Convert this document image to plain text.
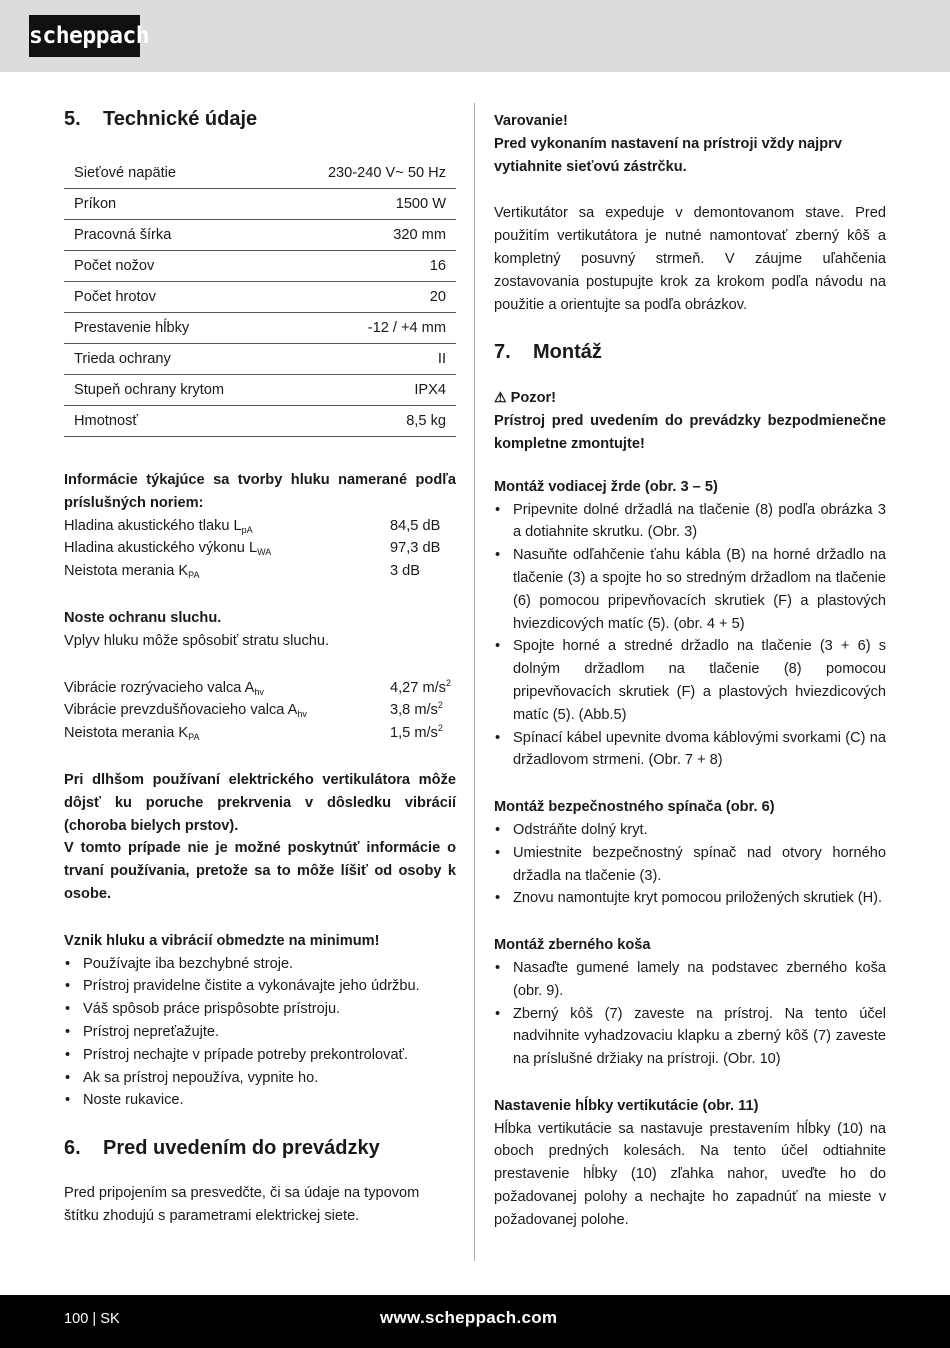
scheppach
5. Technické údaje
Sieťové napätie	230-240 V~ 50 Hz
Príkon	1500 W
Pracovná šírka	320 mm
Počet nožov	16
Počet hrotov	20
Prestavenie hĺbky	-12 / +4 mm
Trieda ochrany	II
Stupeň ochrany krytom	IPX4
Hmotnosť	8,5 kg

Informácie týkajúce sa tvorby hluku namerané podľa príslušných noriem:

Hladina akustického tlaku $L_{pA}$	84,5 dB
Hladina akustického výkonu $L_{WA}$	97,3 dB
Neistota merania $K_{PA}$	3 dB

Noste ochranu sluchu.

Vplyv hluku môže spôsobiť stratu sluchu.

Vibrácie rozrývacieho valca $A_{hv}$	4,27 $m/s^2$
Vibrácie prevzdušňovacieho valca $A_{hv}$	3,8 $m/s^2$
Neistota merania $K_{PA}$	1,5 $m/s^2$

Pri dlhšom používaní elektrického vertikulátora môže dôjsť ku poruche prekrvenia v dôsledku vibrácií (choroba bielych prstov).

V tomto prípade nie je možné poskytnúť informácie o trvaní používania, pretože sa to môže líšiť od osoby k osobe.

Vznik hluku a vibrácií obmedzte na minimum!

• Používajte iba bezchybné stroje.
• Prístroj pravidelne čistite a vykonávajte jeho údržbu.
• Váš spôsob práce prispôsobte prístroju.
• Prístroj nepreťažujte.
• Prístroj nechajte v prípade potreby prekontrolovať.
• Ak sa prístroj nepoužíva, vypnite ho.
• Noste rukavice.
6. Pred uvedením do prevádzky

Pred pripojením sa presvedčte, či sa údaje na typovom štítku zhodujú s parametrami elektrickej siete.

Varovanie!

Pred vykonaním nastavení na prístroji vždy najprv vytiahnite sieťovú zástrčku.

Vertikutátor sa expeduje v demontovanom stave. Pred použitím vertikutátora je nutné namontovať zberný kôš a kompletný posuvný strmeň. V záujme uľahčenia zostavovania postupujte krok za krokom podľa návodu na použitie a orientujte sa podľa obrázkov.

7. Montáž

⚠ Pozor!

Prístroj pred uvedením do prevádzky bezpodmienečne kompletne zmontujte!

Montáž vodiacej žrde (obr. 3 – 5)

• Pripevnite dolné držadlá na tlačenie (8) podľa obrázka 3 a dotiahnite skrutku. (Obr. 3)
• Nasuňte odľahčenie ťahu kábla (B) na horné držadlo na tlačenie (3) a spojte ho so stredným držadlom na tlačenie (6) pomocou pripevňovacích skrutiek (F) a plastových hviezdicových matíc (5). (obr. 4 + 5)
• Spojte horné a stredné držadlo na tlačenie (3 + 6) s dolným držadlom na tlačenie (8) pomocou pripevňovacích skrutiek (F) a plastových hviezdicových matíc (5). (Abb.5)
• Spínací kábel upevnite dvoma káblovými svorkami (C) na držadlovom strmeni. (Obr. 7 + 8)

Montáž bezpečnostného spínača (obr. 6)

• Odstráňte dolný kryt.
• Umiestnite bezpečnostný spínač nad otvory horného držadla na tlačenie (3).
• Znovu namontujte kryt pomocou priložených skrutiek (H).

Montáž zberného koša

• Nasaďte gumené lamely na podstavec zberného koša (obr. 9).
• Zberný kôš (7) zaveste na prístroj. Na tento účel nadvihnite vyhadzovaciu klapku a zberný kôš (7) zaveste na príslušné držiaky na prístroji. (Obr. 10)

Nastavenie hĺbky vertikutácie (obr. 11)

Hĺbka vertikutácie sa nastavuje prestavením hĺbky (10) na oboch predných kolesách. Na tento účel odtiahnite prestavenie hĺbky (10) zľahka nahor, uveďte ho do požadovanej polohy a nechajte ho zapadnúť na mieste v požadovanej polohe.

100 | SK	www.scheppach.com
